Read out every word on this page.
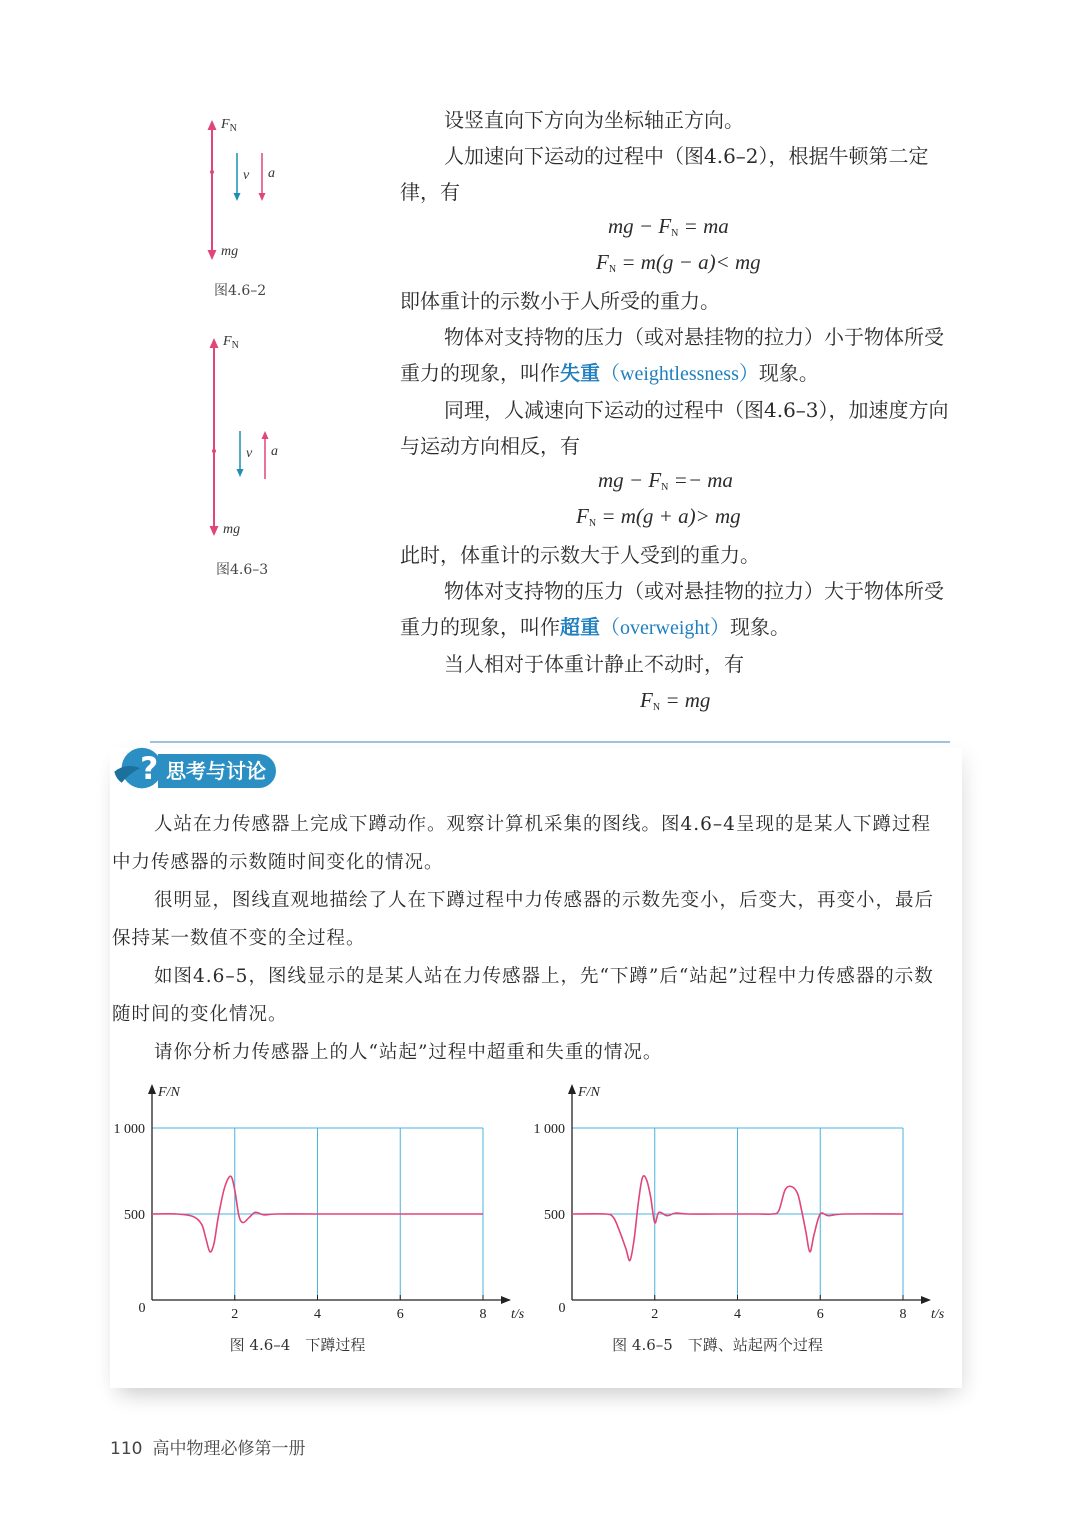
$F_N$
v a
mg
图4.6–2
$F_N$
v a
mg
图4.6–3

设竖直向下方向为坐标轴正方向。

人加速向下运动的过程中（图4.6–2），根据牛顿第二定律，有

mg − $F_N$ = ma
$F_N = m(g - a)<$ mg

即体重计的示数小于人所受的重力。

物体对支持物的压力（或对悬挂物的拉力）小于物体所受重力的现象，叫作失重（weightlessness）现象。

同理，人减速向下运动的过程中（图4.6–3），加速度方向与运动方向相反，有

mg − $F_N$ =− ma
$F_N = m(g + a)>$ mg

此时，体重计的示数大于人受到的重力。

物体对支持物的压力（或对悬挂物的拉力）大于物体所受重力的现象，叫作超重（overweight）现象。

当人相对于体重计静止不动时，有

$F_N$ = mg
? 思考与讨论

人站在力传感器上完成下蹲动作。观察计算机采集的图线。图4.6–4呈现的是某人下蹲过程中力传感器的示数随时间变化的情况。

很明显，图线直观地描绘了人在下蹲过程中力传感器的示数先变小，后变大，再变小，最后保持某一数值不变的全过程。

如图4.6–5，图线显示的是某人站在力传感器上，先“下蹲”后“站起”过程中力传感器的示数随时间的变化情况。

请你分析力传感器上的人“站起”过程中超重和失重的情况。

0	2	4	6	8
500
1 000
F/N
t/s
图 4.6–4　下蹲过程
0	2	4	6	8
500
1 000
F/N
t/s
图 4.6–5　下蹲、站起两个过程
110 高中物理必修第一册
